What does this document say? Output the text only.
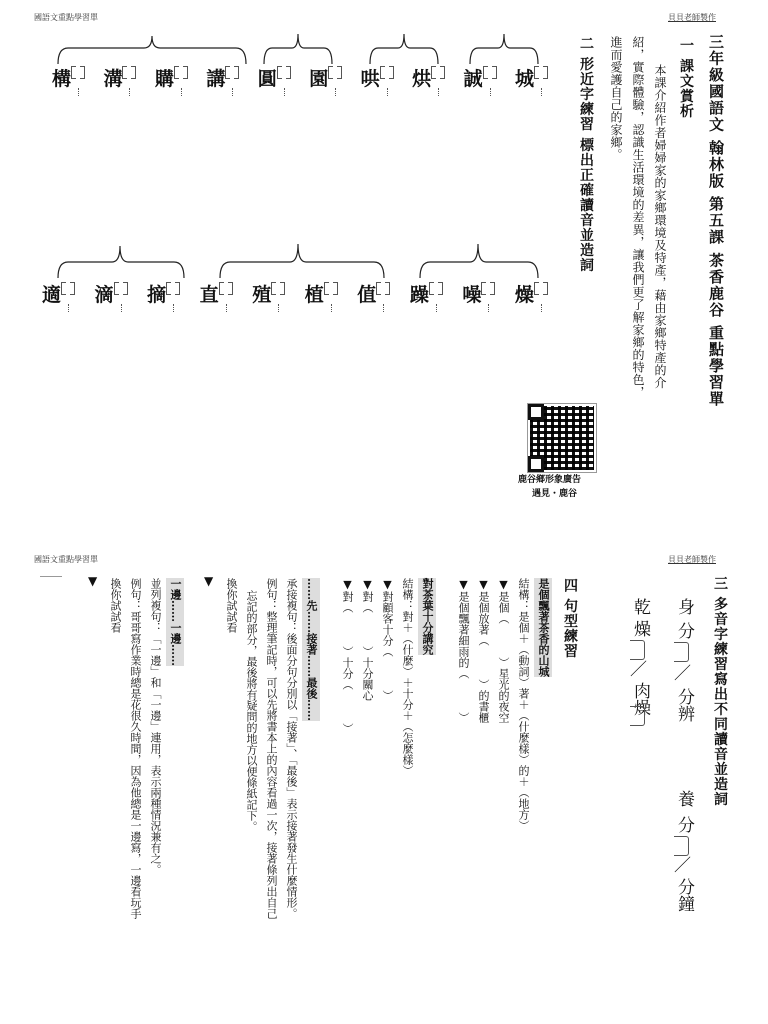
國語文重點學習單	貝貝老師製作
三年級國語文 翰林版 第五課 茶香鹿谷 重點學習單
一 課文賞析
本課介紹作者婦婦家的家鄉環境及特產，藉由家鄉特產的介
紹，實際體驗，認識生活環境的差異，讓我們更了解家鄉的特色，
進而愛護自己的家鄉。
二 形近字練習 標出正確讀音並造詞
構 溝 購 講 圓 園 哄 烘 誠 城
適 滴 摘 直 殖 植 值 躁 噪 燥
鹿谷鄉形象廣告
遇見・鹿谷
國語文重點學習單	貝貝老師製作
三 多音字練習寫出不同讀音並造詞
身
分
／
分辨
養
分
／
分鐘
乾
燥
／
肉燥
四 句型練習
是個飄著茶香的山城
結構：是個＋（動詞）著＋（什麼樣）的＋（地方）
▼是個（　　　）星光的夜空
▼是個放著（　　　）的書櫃
▼是個飄著細雨的（　　　）
對茶葉十分講究
結構：對＋（什麼）＋十分＋（怎麼樣）
▼對顧客十分（　　　）
▼對（　　　）十分關心
▼對（　　　）十分（　　　）
……先……接著……最後……
承接複句：後面分句分別以「接著」、「最後」表示接著發生什麼情形。
例句：整理筆記時，可以先將書本上的內容看過一次，接著條列出自己
忘記的部分，最後將有疑問的地方以便條紙記下。
換你試試看
▼
一邊……一邊……
並列複句：「一邊」和「一邊」連用，表示兩種情況兼有之。
例句：哥哥寫作業時總是花很久時間，因為他總是一邊寫，一邊看玩手
換你試試看
▼
